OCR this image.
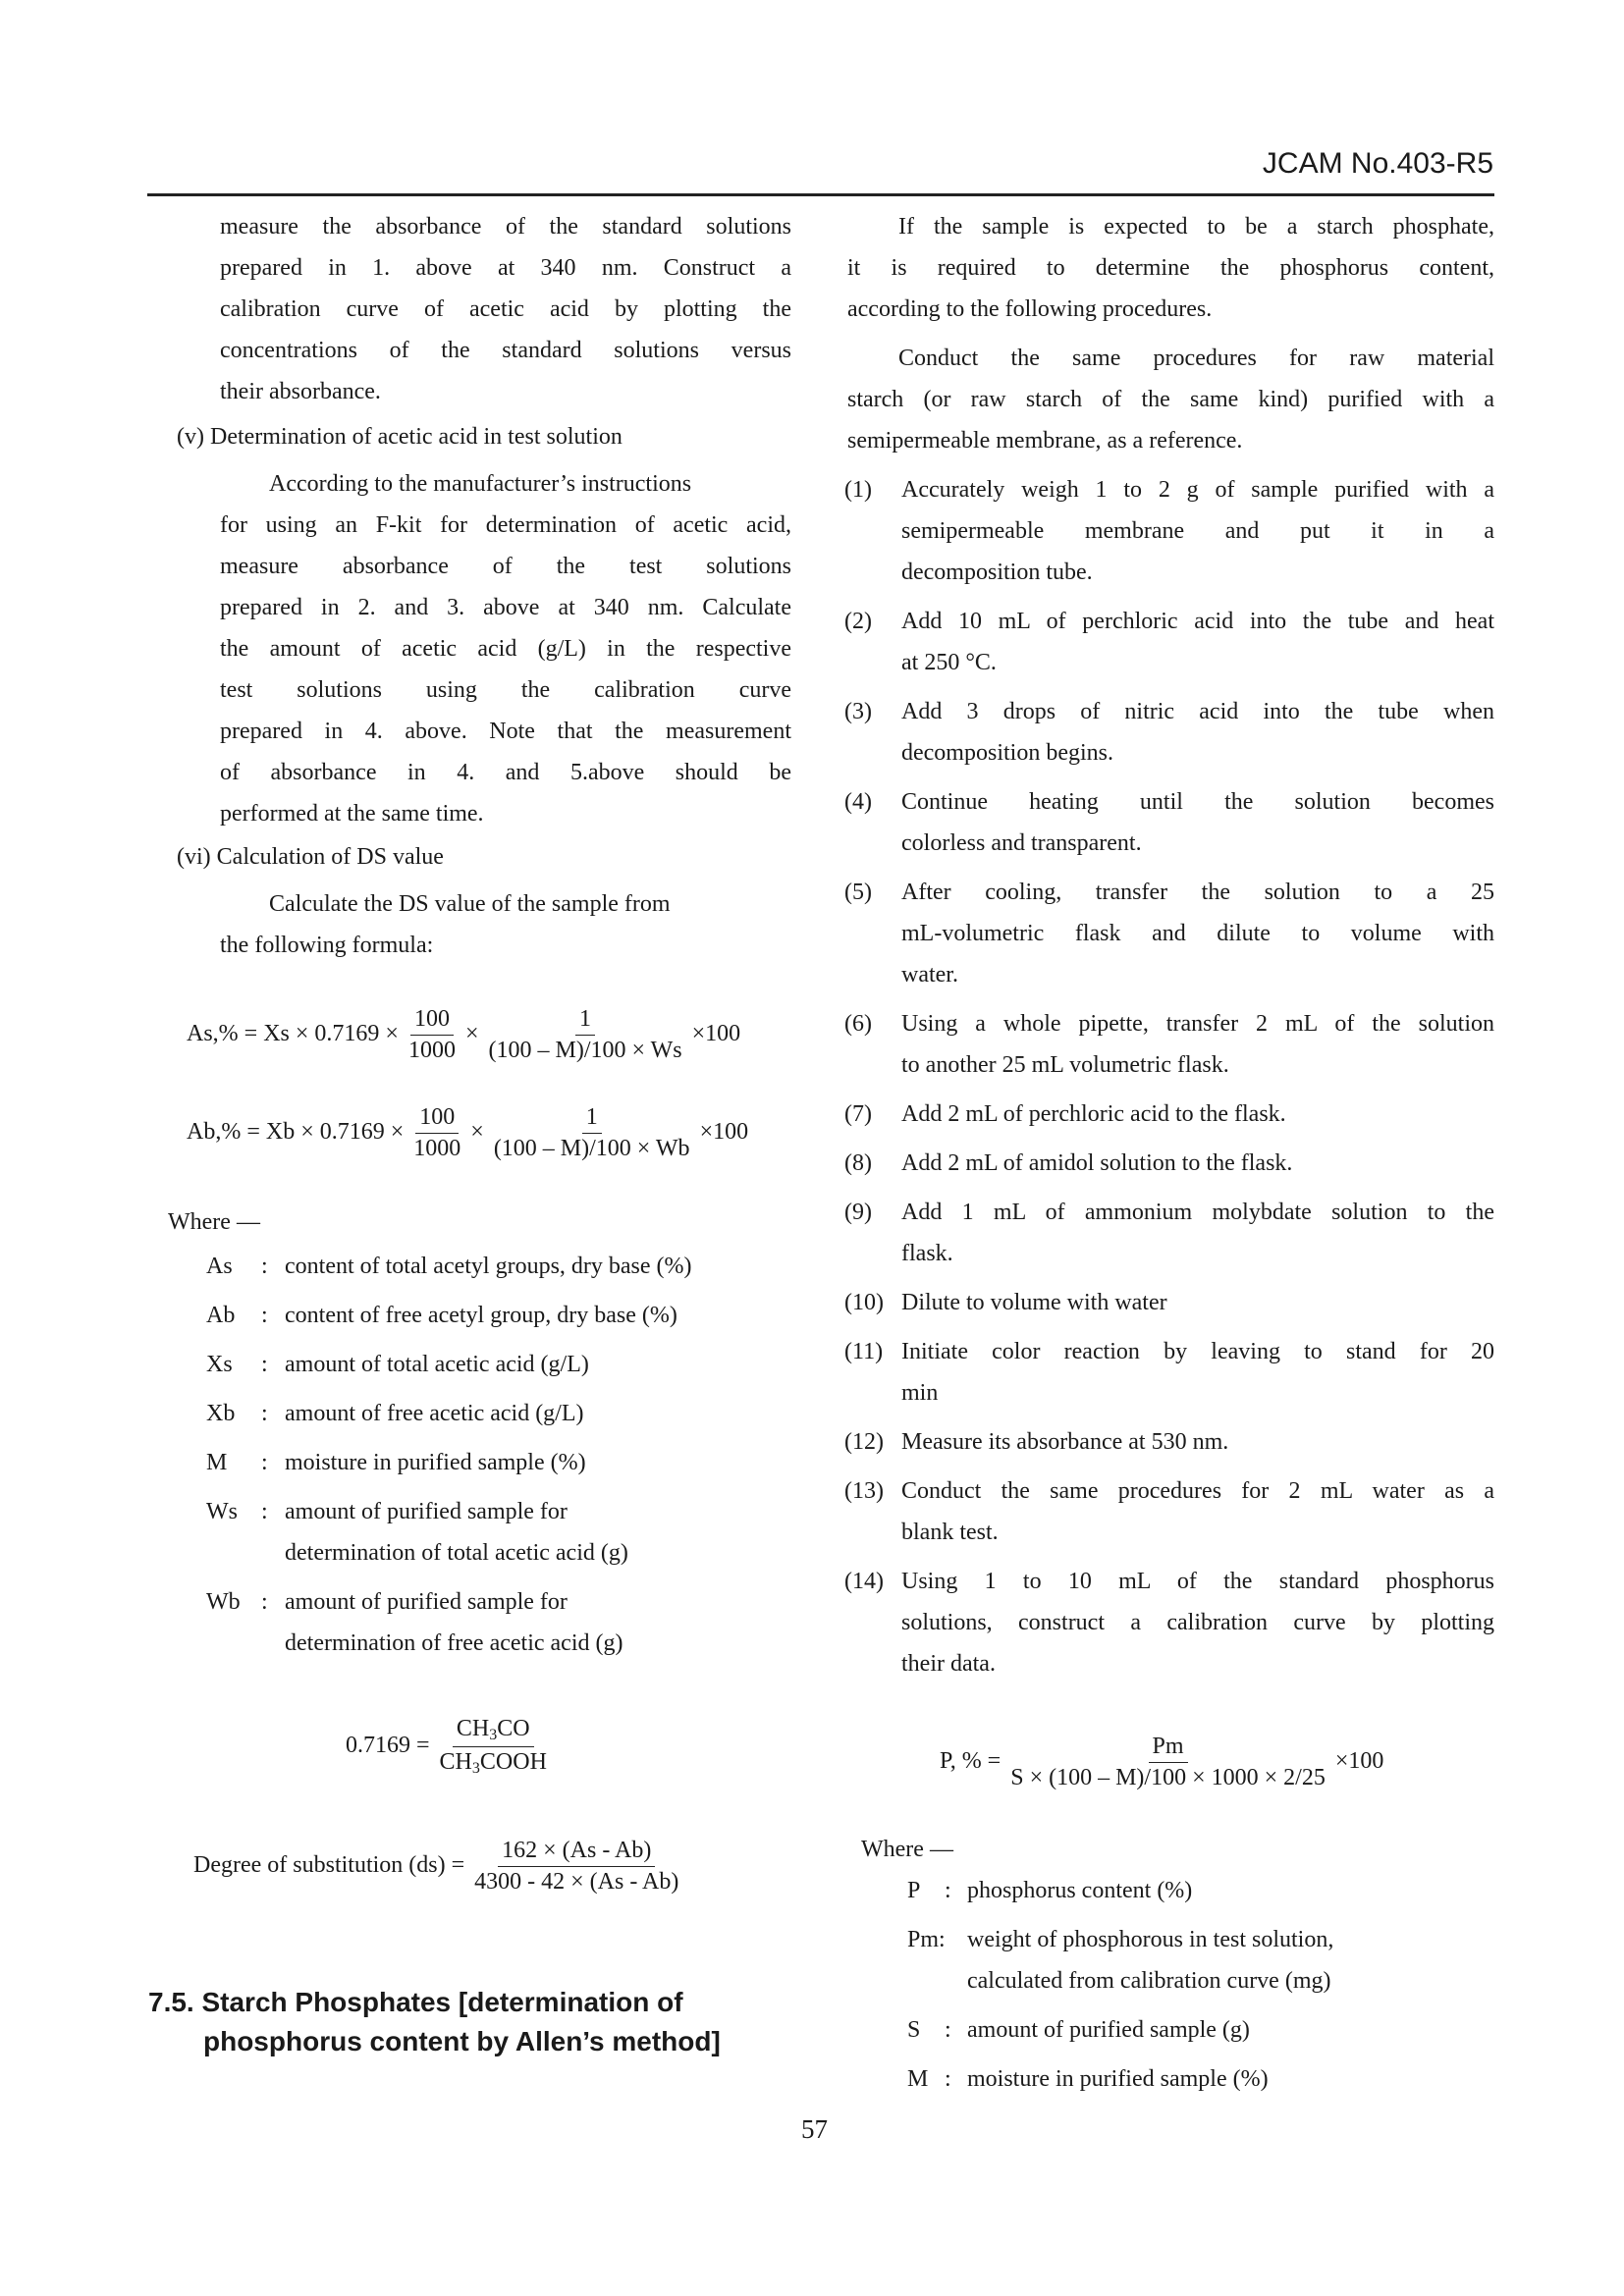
JCAM No.403-R5
measure the absorbance of the standard solutions
prepared in 1. above at 340 nm. Construct a
calibration curve of acetic acid by plotting the
concentrations of the standard solutions versus
their absorbance.
(v) Determination of acetic acid in test solution
According to the manufacturer’s instructions
for using an F-kit for determination of acetic acid,
measure absorbance of the test solutions
prepared in 2. and 3. above at 340 nm. Calculate
the amount of acetic acid (g/L) in the respective
test solutions using the calibration curve
prepared in 4. above. Note that the measurement
of absorbance in 4. and 5.above should be
performed at the same time.
(vi) Calculation of DS value
Calculate the DS value of the sample from
the following formula:
$As,\% = Xs \times 0.7169 \times \frac{100}{1000} \times \frac{1}{(100 - M)/100 \times Ws} \times 100$
$Ab,\% = Xb \times 0.7169 \times \frac{100}{1000} \times \frac{1}{(100 - M)/100 \times Wb} \times 100$
Where —
As : content of total acetyl groups, dry base (%)
Ab : content of free acetyl group, dry base (%)
Xs : amount of total acetic acid (g/L)
Xb : amount of free acetic acid (g/L)
M : moisture in purified sample (%)
Ws : amount of purified sample for
determination of total acetic acid (g)
Wb : amount of purified sample for
determination of free acetic acid (g)
$0.7169 = \frac{CH_3CO}{CH_3COOH}$
Degree of substitution $(ds) = \frac{162 \times (As - Ab)}{4300 - 42 \times (As - Ab)}$
7.5. Starch Phosphates [determination of
phosphorus content by Allen’s method]
If the sample is expected to be a starch phosphate,
it is required to determine the phosphorus content,
according to the following procedures.
Conduct the same procedures for raw material
starch (or raw starch of the same kind) purified with a
semipermeable membrane, as a reference.
(1) Accurately weigh 1 to 2 g of sample purified with a
semipermeable membrane and put it in a
decomposition tube.
(2) Add 10 mL of perchloric acid into the tube and heat
at 250 °C.
(3) Add 3 drops of nitric acid into the tube when
decomposition begins.
(4) Continue heating until the solution becomes
colorless and transparent.
(5) After cooling, transfer the solution to a 25
mL-volumetric flask and dilute to volume with
water.
(6) Using a whole pipette, transfer 2 mL of the solution
to another 25 mL volumetric flask.
(7) Add 2 mL of perchloric acid to the flask.
(8) Add 2 mL of amidol solution to the flask.
(9) Add 1 mL of ammonium molybdate solution to the
flask.
(10) Dilute to volume with water
(11) Initiate color reaction by leaving to stand for 20
min
(12) Measure its absorbance at 530 nm.
(13) Conduct the same procedures for 2 mL water as a
blank test.
(14) Using 1 to 10 mL of the standard phosphorus
solutions, construct a calibration curve by plotting
their data.
P, % = $\frac{Pm}{S \times (100 - M)/100 \times 1000 \times 2/25} \times 100$
Where —
P : phosphorus content (%)
Pm: weight of phosphorous in test solution,
calculated from calibration curve (mg)
S : amount of purified sample (g)
M : moisture in purified sample (%)
57
